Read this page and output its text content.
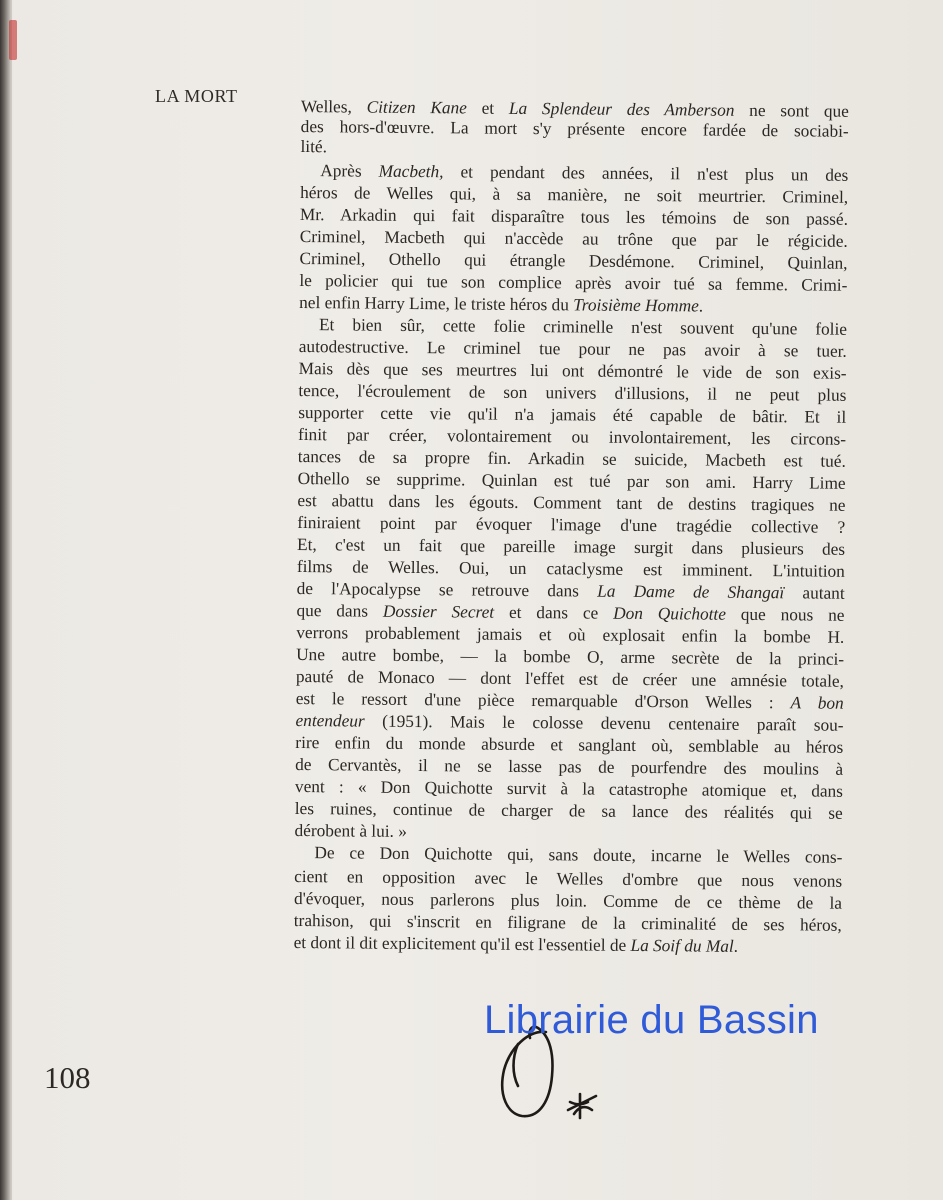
LA MORT
Welles, Citizen Kane et La Splendeur des Amberson ne sont que
des hors-d'œuvre. La mort s'y présente encore fardée de sociabi-
lité.
Après Macbeth, et pendant des années, il n'est plus un des
héros de Welles qui, à sa manière, ne soit meurtrier. Criminel,
Mr. Arkadin qui fait disparaître tous les témoins de son passé.
Criminel, Macbeth qui n'accède au trône que par le régicide.
Criminel, Othello qui étrangle Desdémone. Criminel, Quinlan,
le policier qui tue son complice après avoir tué sa femme. Crimi-
nel enfin Harry Lime, le triste héros du Troisième Homme.
Et bien sûr, cette folie criminelle n'est souvent qu'une folie
autodestructive. Le criminel tue pour ne pas avoir à se tuer.
Mais dès que ses meurtres lui ont démontré le vide de son exis-
tence, l'écroulement de son univers d'illusions, il ne peut plus
supporter cette vie qu'il n'a jamais été capable de bâtir. Et il
finit par créer, volontairement ou involontairement, les circons-
tances de sa propre fin. Arkadin se suicide, Macbeth est tué.
Othello se supprime. Quinlan est tué par son ami. Harry Lime
est abattu dans les égouts. Comment tant de destins tragiques ne
finiraient point par évoquer l'image d'une tragédie collective ?
Et, c'est un fait que pareille image surgit dans plusieurs des
films de Welles. Oui, un cataclysme est imminent. L'intuition
de l'Apocalypse se retrouve dans La Dame de Shangaï autant
que dans Dossier Secret et dans ce Don Quichotte que nous ne
verrons probablement jamais et où explosait enfin la bombe H.
Une autre bombe, — la bombe O, arme secrète de la princi-
pauté de Monaco — dont l'effet est de créer une amnésie totale,
est le ressort d'une pièce remarquable d'Orson Welles : A bon
entendeur (1951). Mais le colosse devenu centenaire paraît sou-
rire enfin du monde absurde et sanglant où, semblable au héros
de Cervantès, il ne se lasse pas de pourfendre des moulins à
vent : « Don Quichotte survit à la catastrophe atomique et, dans
les ruines, continue de charger de sa lance des réalités qui se
dérobent à lui. »
De ce Don Quichotte qui, sans doute, incarne le Welles cons-
cient en opposition avec le Welles d'ombre que nous venons
d'évoquer, nous parlerons plus loin. Comme de ce thème de la
trahison, qui s'inscrit en filigrane de la criminalité de ses héros,
et dont il dit explicitement qu'il est l'essentiel de La Soif du Mal.
108
Librairie du Bassin
